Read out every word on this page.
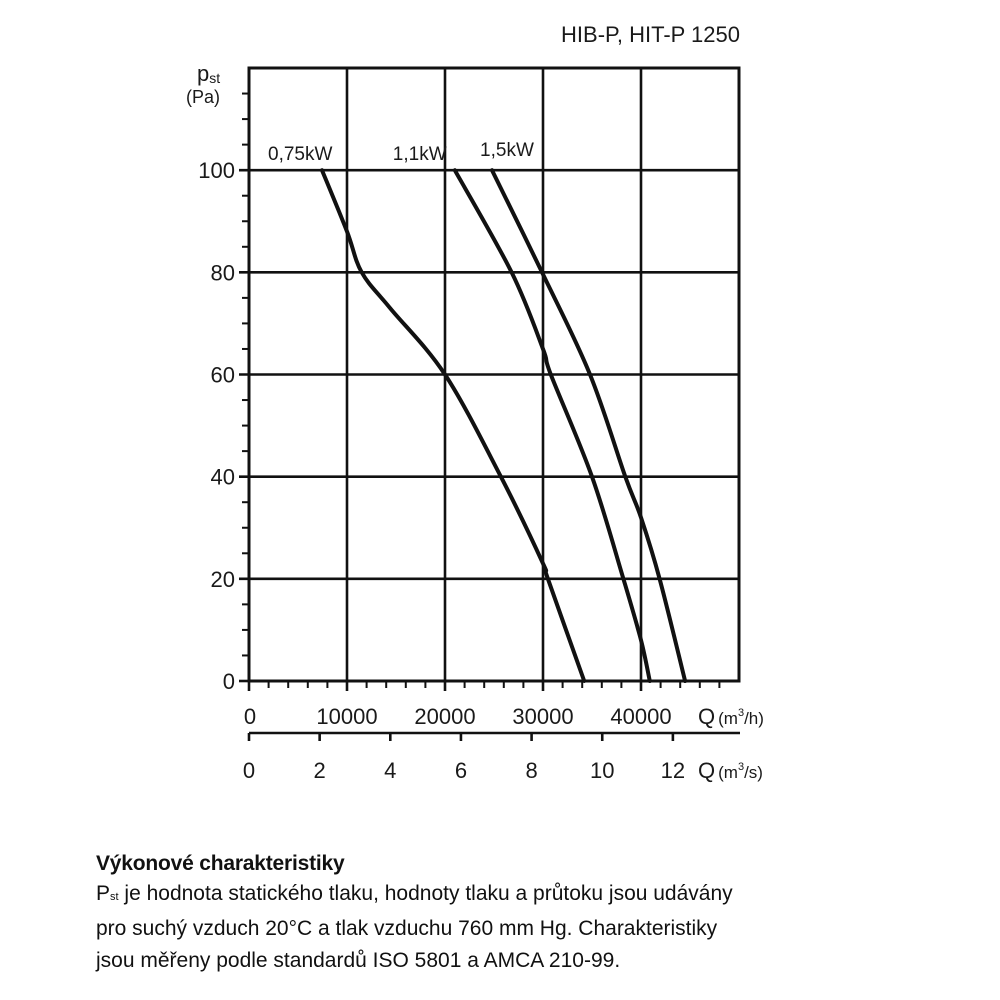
HIB-P, HIT-P 1250
pst
(Pa)
0
20
40
60
80
100
0	10000 20000 30000 40000 Q ($m^3_{/h)}$
0	2	4	6	8 10 12 Q ($m^3_{/s)}$
0,75kW	1,1kW 1,5kW
Výkonové charakteristiky
Pst je hodnota statického tlaku, hodnoty tlaku a průtoku jsou udávány
pro suchý vzduch 20°C a tlak vzduchu 760 mm Hg. Charakteristiky
jsou měřeny podle standardů ISO 5801 a AMCA 210-99.
